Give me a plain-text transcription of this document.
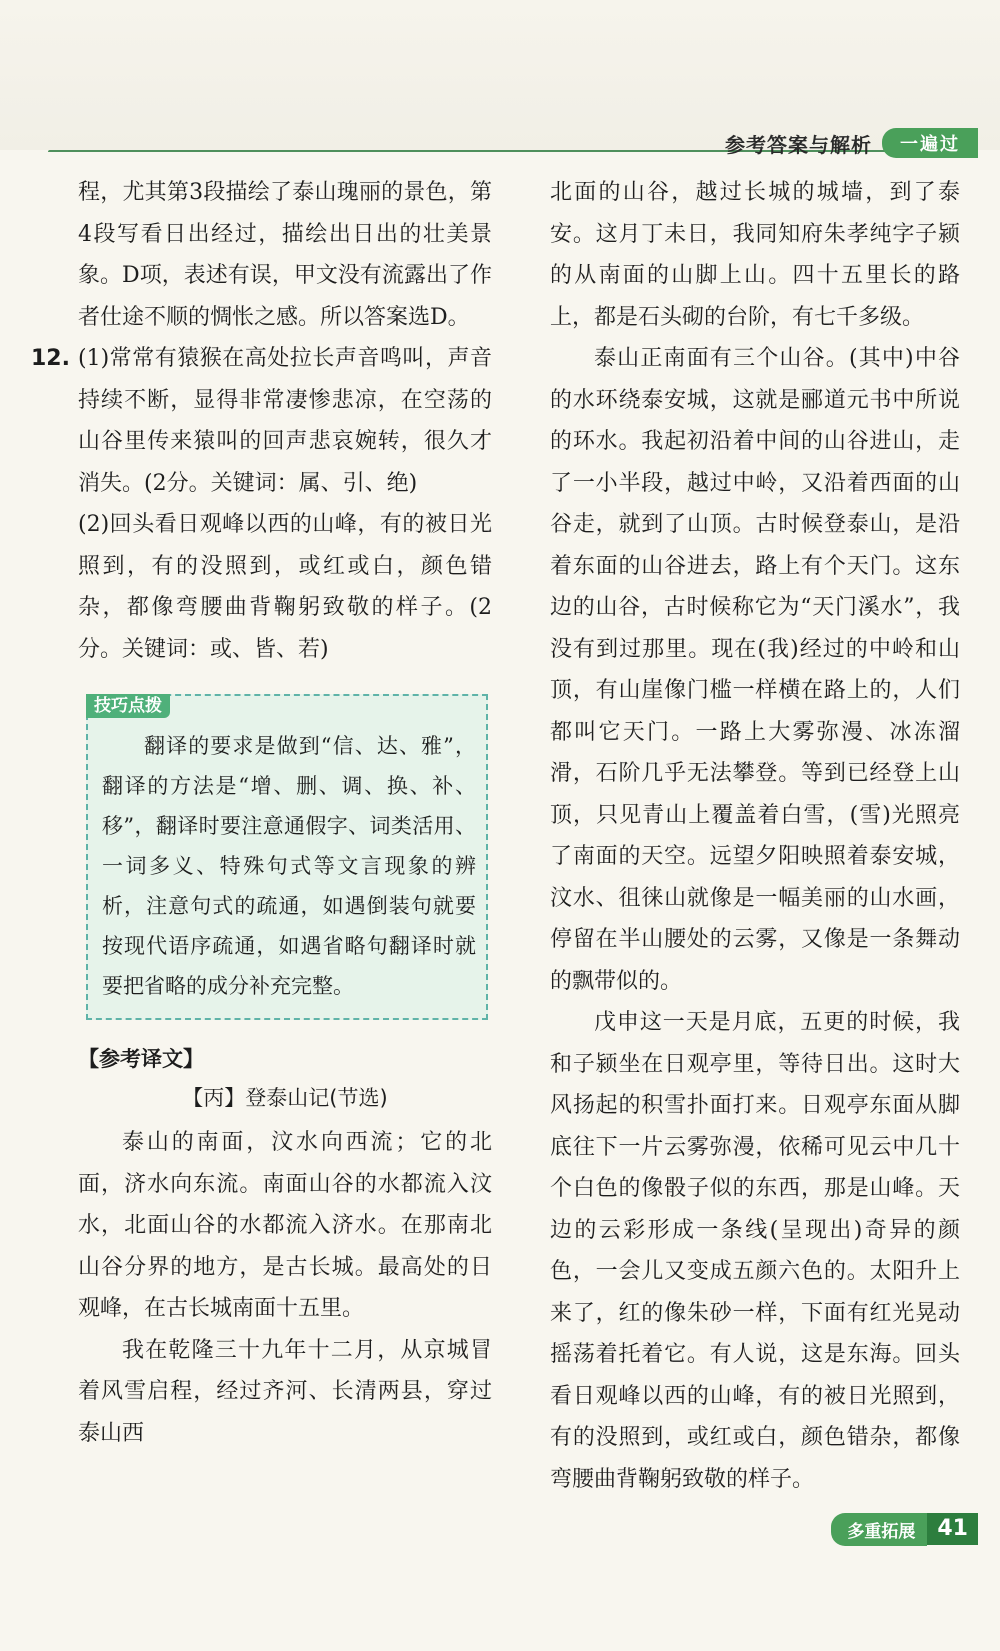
参考答案与解析	一遍过

程，尤其第3段描绘了泰山瑰丽的景色，第4段写看日出经过，描绘出日出的壮美景象。D项，表述有误，甲文没有流露出了作者仕途不顺的惆怅之感。所以答案选D。

12. (1)常常有猿猴在高处拉长声音鸣叫，声音持续不断，显得非常凄惨悲凉，在空荡的山谷里传来猿叫的回声悲哀婉转，很久才消失。(2分。关键词：属、引、绝)

(2)回头看日观峰以西的山峰，有的被日光照到，有的没照到，或红或白，颜色错杂，都像弯腰曲背鞠躬致敬的样子。(2分。关键词：或、皆、若)

技巧点拨

翻译的要求是做到“信、达、雅”，翻译的方法是“增、删、调、换、补、移”，翻译时要注意通假字、词类活用、一词多义、特殊句式等文言现象的辨析，注意句式的疏通，如遇倒装句就要按现代语序疏通，如遇省略句翻译时就要把省略的成分补充完整。

【参考译文】
【丙】登泰山记(节选)

泰山的南面，汶水向西流；它的北面，济水向东流。南面山谷的水都流入汶水，北面山谷的水都流入济水。在那南北山谷分界的地方，是古长城。最高处的日观峰，在古长城南面十五里。

我在乾隆三十九年十二月，从京城冒着风雪启程，经过齐河、长清两县，穿过泰山西

北面的山谷，越过长城的城墙，到了泰安。这月丁未日，我同知府朱孝纯字子颍的从南面的山脚上山。四十五里长的路上，都是石头砌的台阶，有七千多级。

泰山正南面有三个山谷。(其中)中谷的水环绕泰安城，这就是郦道元书中所说的环水。我起初沿着中间的山谷进山，走了一小半段，越过中岭，又沿着西面的山谷走，就到了山顶。古时候登泰山，是沿着东面的山谷进去，路上有个天门。这东边的山谷，古时候称它为“天门溪水”，我没有到过那里。现在(我)经过的中岭和山顶，有山崖像门槛一样横在路上的，人们都叫它天门。一路上大雾弥漫、冰冻溜滑，石阶几乎无法攀登。等到已经登上山顶，只见青山上覆盖着白雪，(雪)光照亮了南面的天空。远望夕阳映照着泰安城，汶水、徂徕山就像是一幅美丽的山水画，停留在半山腰处的云雾，又像是一条舞动的飘带似的。

戊申这一天是月底，五更的时候，我和子颍坐在日观亭里，等待日出。这时大风扬起的积雪扑面打来。日观亭东面从脚底往下一片云雾弥漫，依稀可见云中几十个白色的像骰子似的东西，那是山峰。天边的云彩形成一条线(呈现出)奇异的颜色，一会儿又变成五颜六色的。太阳升上来了，红的像朱砂一样，下面有红光晃动摇荡着托着它。有人说，这是东海。回头看日观峰以西的山峰，有的被日光照到，有的没照到，或红或白，颜色错杂，都像弯腰曲背鞠躬致敬的样子。

多重拓展	41
